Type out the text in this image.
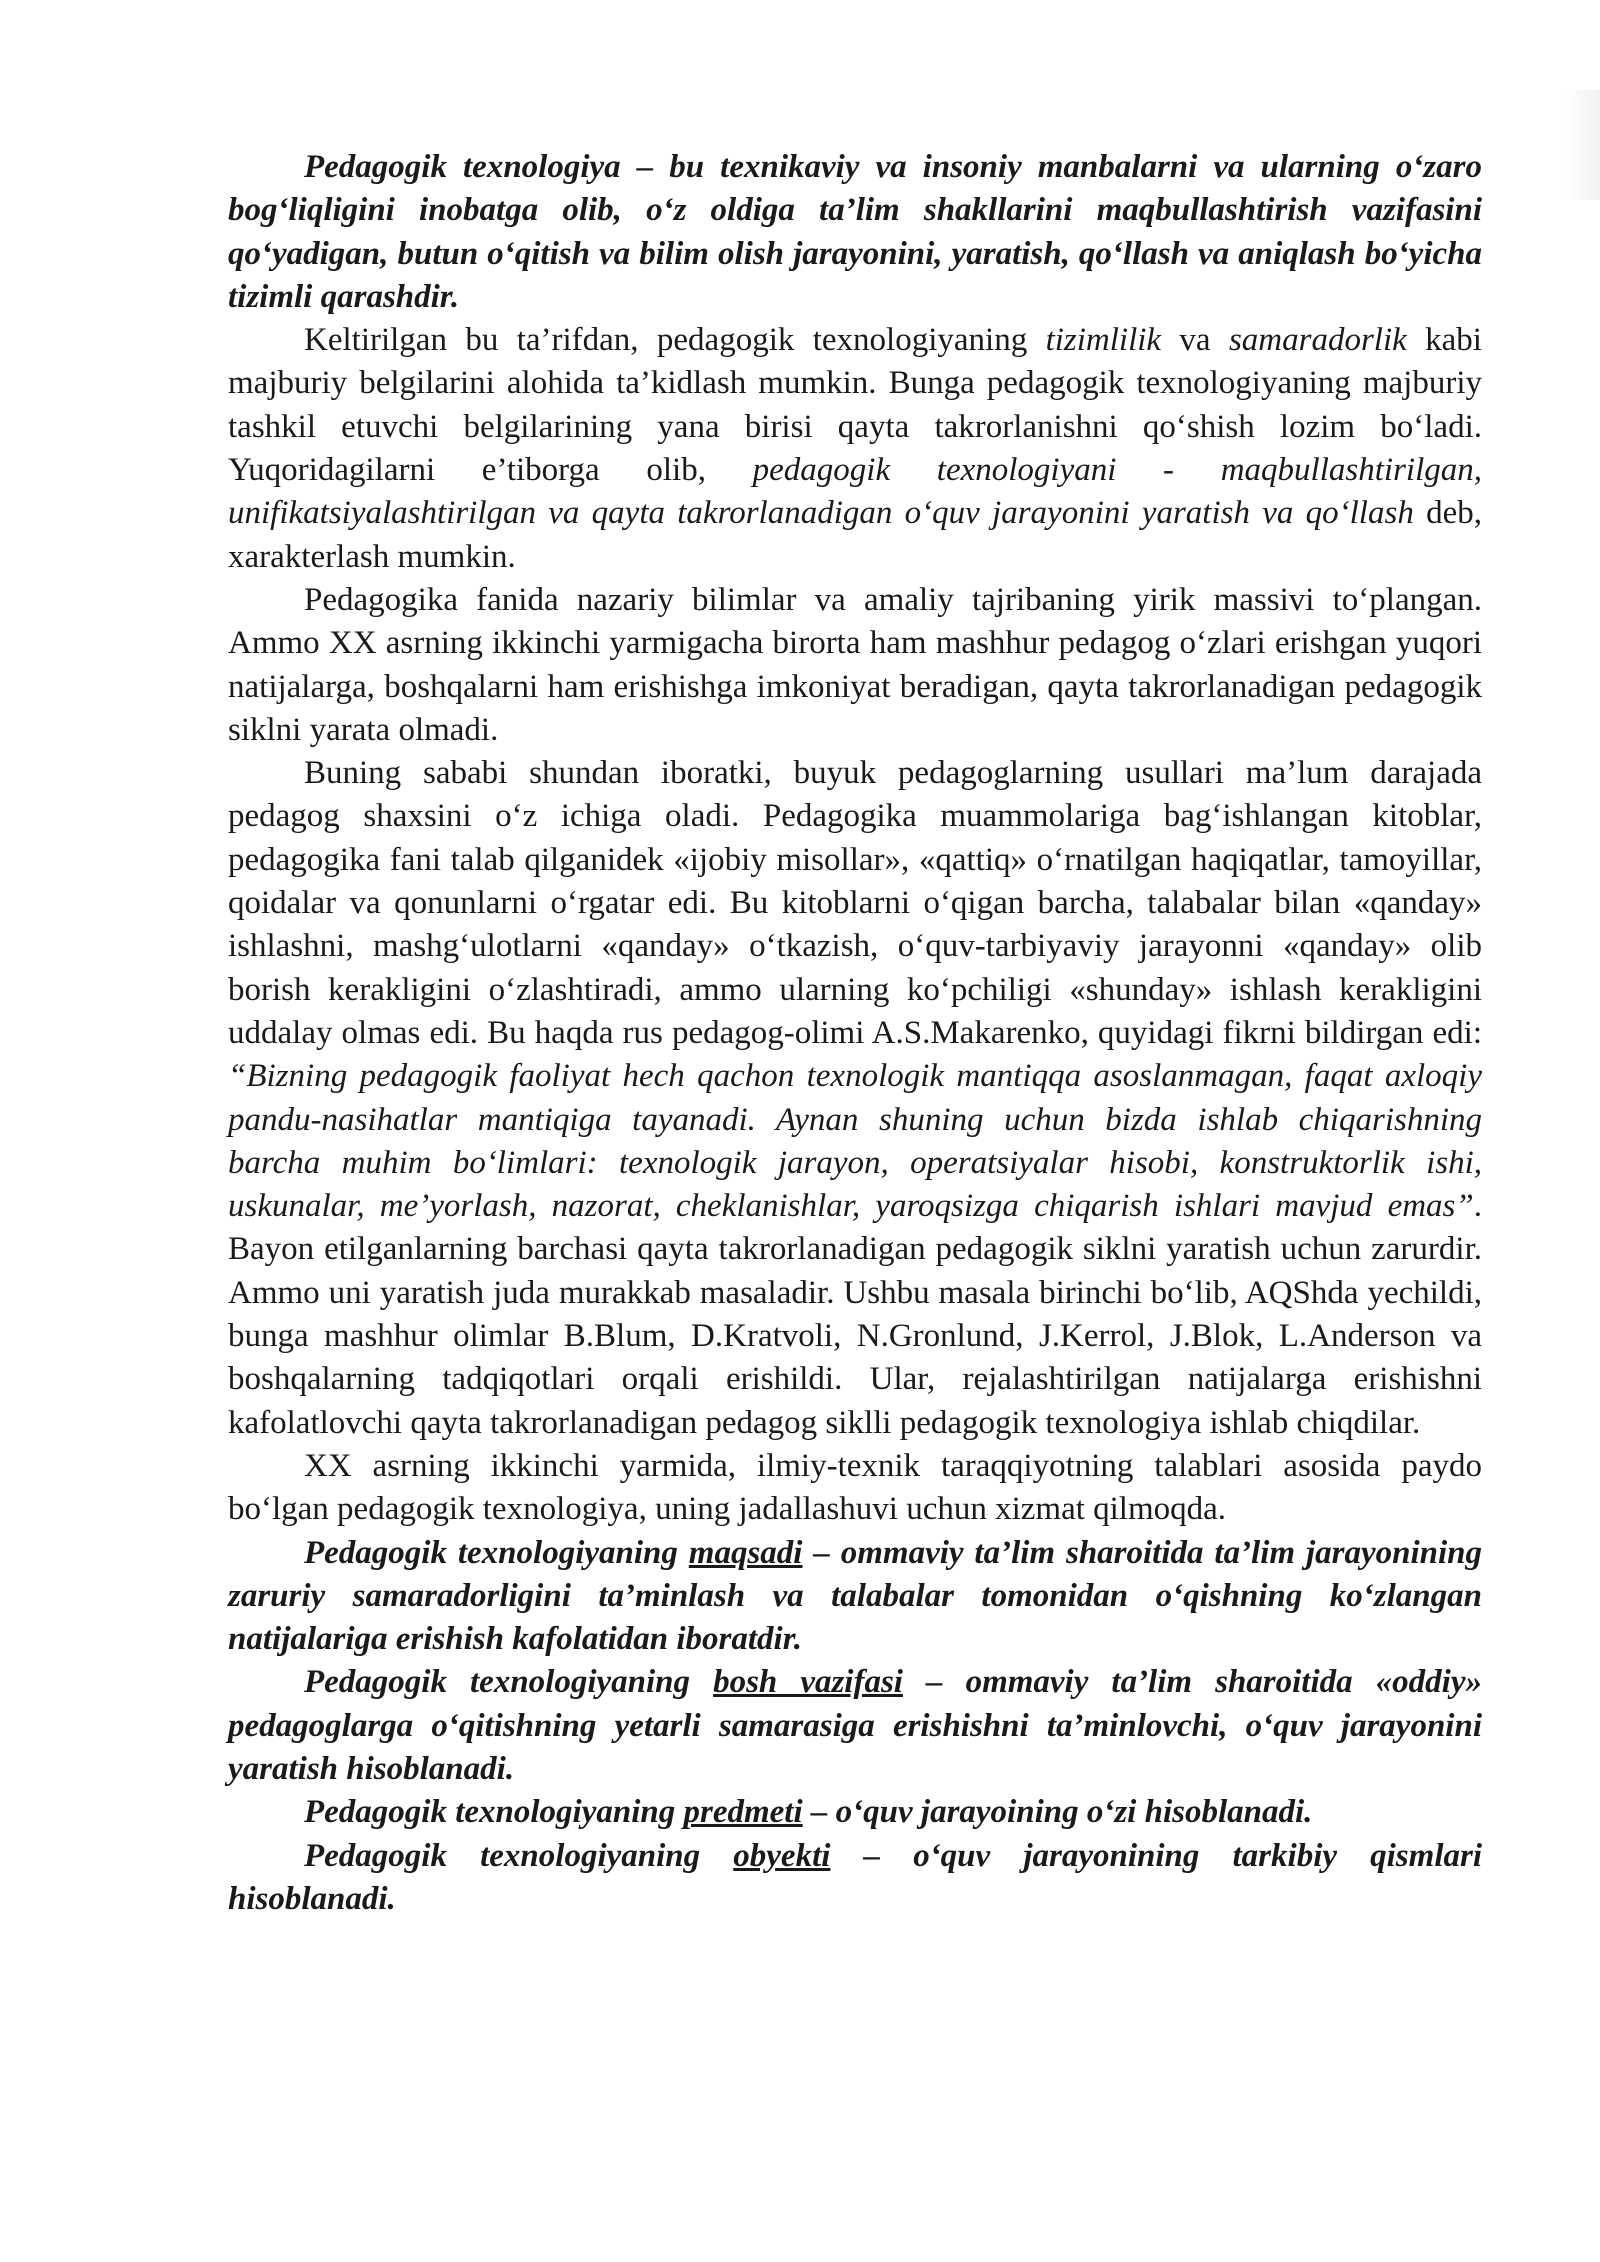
Pedagogik texnologiya – bu texnikaviy va insoniy manbalarni va ularning o‘zaro bog‘liqligini inobatga olib, o‘z oldiga ta’lim shakllarini maqbullashtirish vazifasini qo‘yadigan, butun o‘qitish va bilim olish jarayonini, yaratish, qo‘llash va aniqlash bo‘yicha tizimli qarashdir.

Keltirilgan bu ta’rifdan, pedagogik texnologiyaning tizimlilik va samaradorlik kabi majburiy belgilarini alohida ta’kidlash mumkin. Bunga pedagogik texnologiyaning majburiy tashkil etuvchi belgilarining yana birisi qayta takrorlanishni qo‘shish lozim bo‘ladi. Yuqoridagilarni e’tiborga olib, pedagogik texnologiyani - maqbullashtirilgan, unifikatsiyalashtirilgan va qayta takrorlanadigan o‘quv jarayonini yaratish va qo‘llash deb, xarakterlash mumkin.

Pedagogika fanida nazariy bilimlar va amaliy tajribaning yirik massivi to‘plangan. Ammo XX asrning ikkinchi yarmigacha birorta ham mashhur pedagog o‘zlari erishgan yuqori natijalarga, boshqalarni ham erishishga imkoniyat beradigan, qayta takrorlanadigan pedagogik siklni yarata olmadi.

Buning sababi shundan iboratki, buyuk pedagoglarning usullari ma’lum darajada pedagog shaxsini o‘z ichiga oladi. Pedagogika muammolariga bag‘ishlangan kitoblar, pedagogika fani talab qilganidek «ijobiy misollar», «qattiq» o‘rnatilgan haqiqatlar, tamoyillar, qoidalar va qonunlarni o‘rgatar edi. Bu kitoblarni o‘qigan barcha, talabalar bilan «qanday» ishlashni, mashg‘ulotlarni «qanday» o‘tkazish, o‘quv-tarbiyaviy jarayonni «qanday» olib borish kerakligini o‘zlashtiradi, ammo ularning ko‘pchiligi «shunday» ishlash kerakligini uddalay olmas edi. Bu haqda rus pedagog-olimi A.S.Makarenko, quyidagi fikrni bildirgan edi: “Bizning pedagogik faoliyat hech qachon texnologik mantiqqa asoslanmagan, faqat axloqiy pandu-nasihatlar mantiqiga tayanadi. Aynan shuning uchun bizda ishlab chiqarishning barcha muhim bo‘limlari: texnologik jarayon, operatsiyalar hisobi, konstruktorlik ishi, uskunalar, me’yorlash, nazorat, cheklanishlar, yaroqsizga chiqarish ishlari mavjud emas”. Bayon etilganlarning barchasi qayta takrorlanadigan pedagogik siklni yaratish uchun zarurdir. Ammo uni yaratish juda murakkab masaladir. Ushbu masala birinchi bo‘lib, AQShda yechildi, bunga mashhur olimlar B.Blum, D.Kratvoli, N.Gronlund, J.Kerrol, J.Blok, L.Anderson va boshqalarning tadqiqotlari orqali erishildi. Ular, rejalashtirilgan natijalarga erishishni kafolatlovchi qayta takrorlanadigan pedagog siklli pedagogik texnologiya ishlab chiqdilar.

XX asrning ikkinchi yarmida, ilmiy-texnik taraqqiyotning talablari asosida paydo bo‘lgan pedagogik texnologiya, uning jadallashuvi uchun xizmat qilmoqda.

Pedagogik texnologiyaning maqsadi – ommaviy ta’lim sharoitida ta’lim jarayonining zaruriy samaradorligini ta’minlash va talabalar tomonidan o‘qishning ko‘zlangan natijalariga erishish kafolatidan iboratdir.

Pedagogik texnologiyaning bosh vazifasi – ommaviy ta’lim sharoitida «oddiy» pedagoglarga o‘qitishning yetarli samarasiga erishishni ta’minlovchi, o‘quv jarayonini yaratish hisoblanadi.

Pedagogik texnologiyaning predmeti – o‘quv jarayoining o‘zi hisoblanadi.

Pedagogik texnologiyaning obyekti – o‘quv jarayonining tarkibiy qismlari hisoblanadi.
